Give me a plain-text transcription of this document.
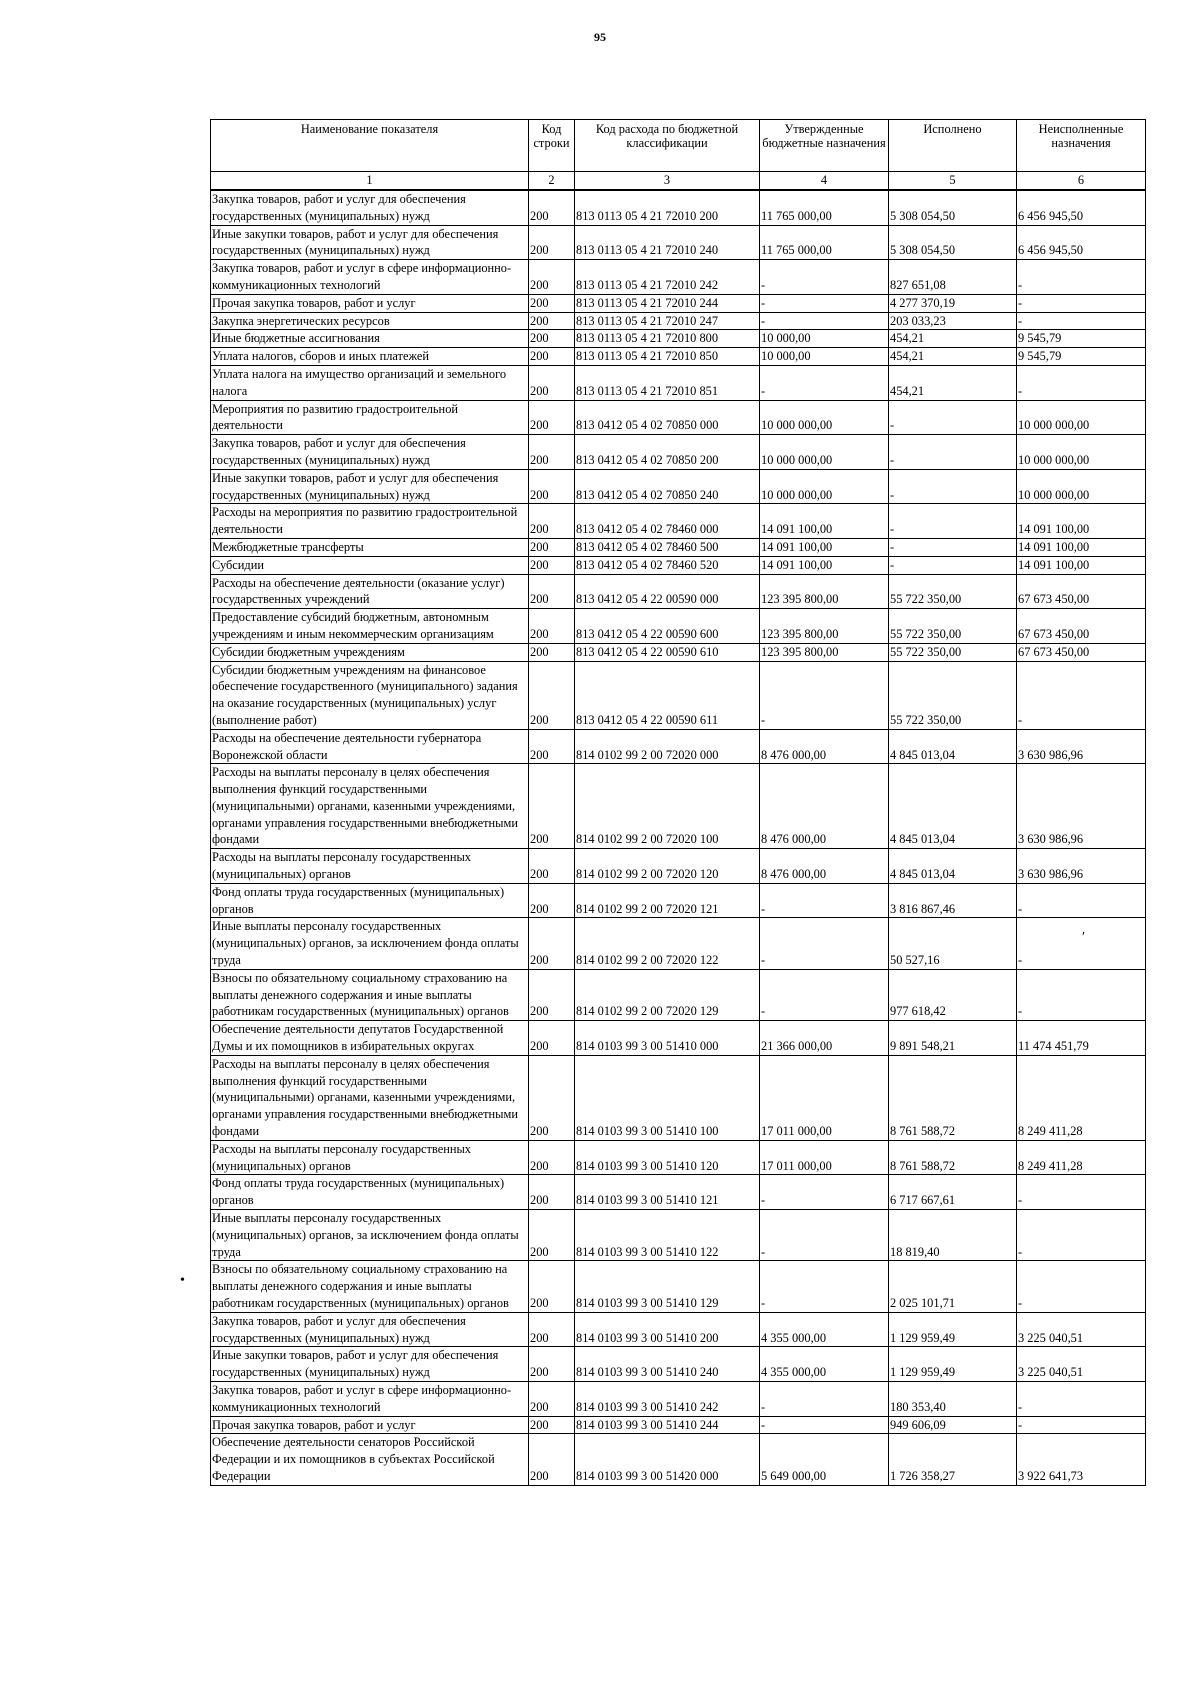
95
Наименование показателя	Код строки	Код расхода по бюджетной классификации	Утвержденные бюджетные назначения	Исполнено	Неисполненные назначения
1	2	3	4	5	6
Закупка товаров, работ и услуг для обеспечения государственных (муниципальных) нужд	200	813 0113 05 4 21 72010 200	11 765 000,00	5 308 054,50	6 456 945,50
Иные закупки товаров, работ и услуг для обеспечения государственных (муниципальных) нужд	200	813 0113 05 4 21 72010 240	11 765 000,00	5 308 054,50	6 456 945,50
Закупка товаров, работ и услуг в сфере информационно-коммуникационных технологий	200	813 0113 05 4 21 72010 242	-	827 651,08	-
Прочая закупка товаров, работ и услуг	200	813 0113 05 4 21 72010 244	-	4 277 370,19	-
Закупка энергетических ресурсов	200	813 0113 05 4 21 72010 247	-	203 033,23	-
Иные бюджетные ассигнования	200	813 0113 05 4 21 72010 800	10 000,00	454,21	9 545,79
Уплата налогов, сборов и иных платежей	200	813 0113 05 4 21 72010 850	10 000,00	454,21	9 545,79
Уплата налога на имущество организаций и земельного налога	200	813 0113 05 4 21 72010 851	-	454,21	-
Мероприятия по развитию градостроительной деятельности	200	813 0412 05 4 02 70850 000	10 000 000,00	-	10 000 000,00
Закупка товаров, работ и услуг для обеспечения государственных (муниципальных) нужд	200	813 0412 05 4 02 70850 200	10 000 000,00	-	10 000 000,00
Иные закупки товаров, работ и услуг для обеспечения государственных (муниципальных) нужд	200	813 0412 05 4 02 70850 240	10 000 000,00	-	10 000 000,00
Расходы на мероприятия по развитию градостроительной деятельности	200	813 0412 05 4 02 78460 000	14 091 100,00	-	14 091 100,00
Межбюджетные трансферты	200	813 0412 05 4 02 78460 500	14 091 100,00	-	14 091 100,00
Субсидии	200	813 0412 05 4 02 78460 520	14 091 100,00	-	14 091 100,00
Расходы на обеспечение деятельности (оказание услуг) государственных учреждений	200	813 0412 05 4 22 00590 000	123 395 800,00	55 722 350,00	67 673 450,00
Предоставление субсидий бюджетным, автономным учреждениям и иным некоммерческим организациям	200	813 0412 05 4 22 00590 600	123 395 800,00	55 722 350,00	67 673 450,00
Субсидии бюджетным учреждениям	200	813 0412 05 4 22 00590 610	123 395 800,00	55 722 350,00	67 673 450,00
Субсидии бюджетным учреждениям на финансовое обеспечение государственного (муниципального) задания на оказание государственных (муниципальных) услуг (выполнение работ)	200	813 0412 05 4 22 00590 611	-	55 722 350,00	-
Расходы на обеспечение деятельности губернатора Воронежской области	200	814 0102 99 2 00 72020 000	8 476 000,00	4 845 013,04	3 630 986,96
Расходы на выплаты персоналу в целях обеспечения выполнения функций государственными (муниципальными) органами, казенными учреждениями, органами управления государственными внебюджетными фондами	200	814 0102 99 2 00 72020 100	8 476 000,00	4 845 013,04	3 630 986,96
Расходы на выплаты персоналу государственных (муниципальных) органов	200	814 0102 99 2 00 72020 120	8 476 000,00	4 845 013,04	3 630 986,96
Фонд оплаты труда государственных (муниципальных) органов	200	814 0102 99 2 00 72020 121	-	3 816 867,46	-
Иные выплаты персоналу государственных (муниципальных) органов, за исключением фонда оплаты труда	200	814 0102 99 2 00 72020 122	-	50 527,16	-
Взносы по обязательному социальному страхованию на выплаты денежного содержания и иные выплаты работникам государственных (муниципальных) органов	200	814 0102 99 2 00 72020 129	-	977 618,42	-
Обеспечение деятельности депутатов Государственной Думы и их помощников в избирательных округах	200	814 0103 99 3 00 51410 000	21 366 000,00	9 891 548,21	11 474 451,79
Расходы на выплаты персоналу в целях обеспечения выполнения функций государственными (муниципальными) органами, казенными учреждениями, органами управления государственными внебюджетными фондами	200	814 0103 99 3 00 51410 100	17 011 000,00	8 761 588,72	8 249 411,28
Расходы на выплаты персоналу государственных (муниципальных) органов	200	814 0103 99 3 00 51410 120	17 011 000,00	8 761 588,72	8 249 411,28
Фонд оплаты труда государственных (муниципальных) органов	200	814 0103 99 3 00 51410 121	-	6 717 667,61	-
Иные выплаты персоналу государственных (муниципальных) органов, за исключением фонда оплаты труда	200	814 0103 99 3 00 51410 122	-	18 819,40	-
Взносы по обязательному социальному страхованию на выплаты денежного содержания и иные выплаты работникам государственных (муниципальных) органов	200	814 0103 99 3 00 51410 129	-	2 025 101,71	-
Закупка товаров, работ и услуг для обеспечения государственных (муниципальных) нужд	200	814 0103 99 3 00 51410 200	4 355 000,00	1 129 959,49	3 225 040,51
Иные закупки товаров, работ и услуг для обеспечения государственных (муниципальных) нужд	200	814 0103 99 3 00 51410 240	4 355 000,00	1 129 959,49	3 225 040,51
Закупка товаров, работ и услуг в сфере информационно-коммуникационных технологий	200	814 0103 99 3 00 51410 242	-	180 353,40	-
Прочая закупка товаров, работ и услуг	200	814 0103 99 3 00 51410 244	-	949 606,09	-
Обеспечение деятельности сенаторов Российской Федерации и их помощников в субъектах Российской Федерации	200	814 0103 99 3 00 51420 000	5 649 000,00	1 726 358,27	3 922 641,73
′
•
